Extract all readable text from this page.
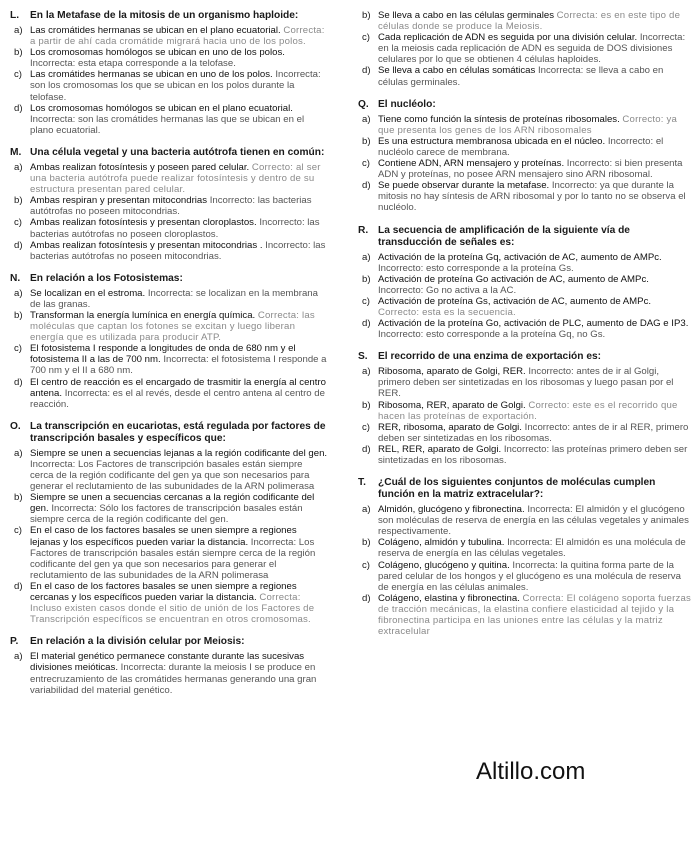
L.	En la Metafase de la mitosis de un organismo haploide:
a) Las cromátides hermanas se ubican en el plano ecuatorial. Correcta: a partir de ahí cada cromátide migrará hacia uno de los polos.
b) Los cromosomas homólogos se ubican en uno de los polos. Incorrecta: esta etapa corresponde a la telofase.
c) Las cromátides hermanas se ubican en uno de los polos. Incorrecta: son los cromosomas los que se ubican en los polos durante la telofase.
d) Los cromosomas homólogos se ubican en el plano ecuatorial. Incorrecta: son las cromátides hermanas las que se ubican en el plano ecuatorial.
M. Una célula vegetal y una bacteria autótrofa tienen en común:
a) Ambas realizan fotosíntesis y poseen pared celular. Correcto: al ser una bacteria autótrofa puede realizar fotosíntesis y dentro de su estructura presentan pared celular.
b) Ambas respiran y presentan mitocondrias Incorrecto: las bacterias autótrofas no poseen mitocondrias.
c) Ambas realizan fotosíntesis y presentan cloroplastos. Incorrecto: las bacterias autótrofas no poseen cloroplastos.
d) Ambas realizan fotosíntesis y presentan mitocondrias . Incorrecto: las bacterias autótrofas no poseen mitocondrias.
N. En relación a los Fotosistemas:
a) Se localizan en el estroma. Incorrecta: se localizan en la membrana de las granas.
b) Transforman la energía lumínica en energía química. Correcta: las moléculas que captan los fotones se excitan y luego liberan energía que es utilizada para producir ATP.
c) El fotosistema I responde a longitudes de onda de 680 nm y el fotosistema II a las de 700 nm. Incorrecta: el fotosistema I responde a 700 nm y el II a 680 nm.
d) El centro de reacción es el encargado de trasmitir la energía al centro antena. Incorrecta: es el al revés, desde el centro antena al centro de reacción.
O. La transcripción en eucariotas, está regulada por factores de transcripción basales y específicos que:
a) Siempre se unen a secuencias lejanas a la región codificante del gen. Incorrecta: Los Factores de transcripción basales están siempre cerca de la región codificante del gen ya que son necesarios para generar el reclutamiento de las subunidades de la ARN polimerasa
b) Siempre se unen a secuencias cercanas a la región codificante del gen. Incorrecta: Sólo los factores de transcripción basales están siempre cerca de la región codificante del gen.
c) En el caso de los factores basales se unen siempre a regiones lejanas y los específicos pueden variar la distancia. Incorrecta: Los Factores de transcripción basales están siempre cerca de la región codificante del gen ya que son necesarios para generar el reclutamiento de las subunidades de la ARN polimerasa
d) En el caso de los factores basales se unen siempre a regiones cercanas y los específicos pueden variar la distancia. Correcta: Incluso existen casos donde el sitio de unión de los Factores de Transcripción específicos se encuentran en otros cromosomas.
P.	En relación a la división celular por Meiosis:
a) El material genético permanece constante durante las sucesivas divisiones meióticas. Incorrecta: durante la meiosis I se produce en entrecruzamiento de las cromátides hermanas generando una gran variabilidad del material genético.
b) Se lleva a cabo en las células germinales Correcta: es en este tipo de células donde se produce la Meiosis.
c) Cada replicación de ADN es seguida por una división celular. Incorrecta: en la meiosis cada replicación de ADN es seguida de DOS divisiones celulares por lo que se obtienen 4 células haploides.
d) Se lleva a cabo en células somáticas Incorrecta: se lleva a cabo en células germinales.
Q. El nucléolo:
a) Tiene como función la síntesis de proteínas ribosomales. Correcto: ya que presenta los genes de los ARN ribosomales
b) Es una estructura membranosa ubicada en el núcleo. Incorrecto: el nucléolo carece de membrana.
c) Contiene ADN, ARN mensajero y proteínas. Incorrecto: si bien presenta ADN y proteínas, no posee ARN mensajero sino ARN ribosomal.
d) Se puede observar durante la metafase. Incorrecto: ya que durante la mitosis no hay síntesis de ARN ribosomal y por lo tanto no se observa el nucléolo.
R. La secuencia de amplificación de la siguiente vía de transducción de señales es:
a) Activación de la proteína Gq, activación de AC, aumento de AMPc. Incorrecto: esto corresponde a la proteína Gs.
b) Activación de proteína Go activación de AC, aumento de AMPc. Incorrecto: Go no activa a la AC.
c) Activación de proteína Gs, activación de AC, aumento de AMPc. Correcto: esta es la secuencia.
d) Activación de la proteína Go, activación de PLC, aumento de DAG e IP3. Incorrecto: esto corresponde a la proteína Gq, no Gs.
S.	El recorrido de una enzima de exportación es:
a) Ribosoma, aparato de Golgi, RER. Incorrecto: antes de ir al Golgi, primero deben ser sintetizadas en los ribosomas y luego pasan por el RER.
b) Ribosoma, RER, aparato de Golgi. Correcto: este es el recorrido que hacen las proteínas de exportación.
c) RER, ribosoma, aparato de Golgi. Incorrecto: antes de ir al RER, primero deben ser sintetizadas en los ribosomas.
d) REL, RER, aparato de Golgi. Incorrecto: las proteínas primero deben ser sintetizadas en los ribosomas.
T.	¿Cuál de los siguientes conjuntos de moléculas cumplen función en la matriz extracelular?:
a) Almidón, glucógeno y fibronectina. Incorrecta: El almidón y el glucógeno son moléculas de reserva de energía en las células vegetales y animales respectivamente.
b) Colágeno, almidón y tubulina. Incorrecta: El almidón es una molécula de reserva de energía en las células vegetales.
c) Colágeno, glucógeno y quitina. Incorrecta: la quitina forma parte de la pared celular de los hongos y el glucógeno es una molécula de reserva de energía en las células animales.
d) Colágeno, elastina y fibronectina. Correcta: El colágeno soporta fuerzas de tracción mecánicas, la elastina confiere elasticidad al tejido y la fibronectina participa en las uniones entre las células y la matriz extracelular
Altillo.com
